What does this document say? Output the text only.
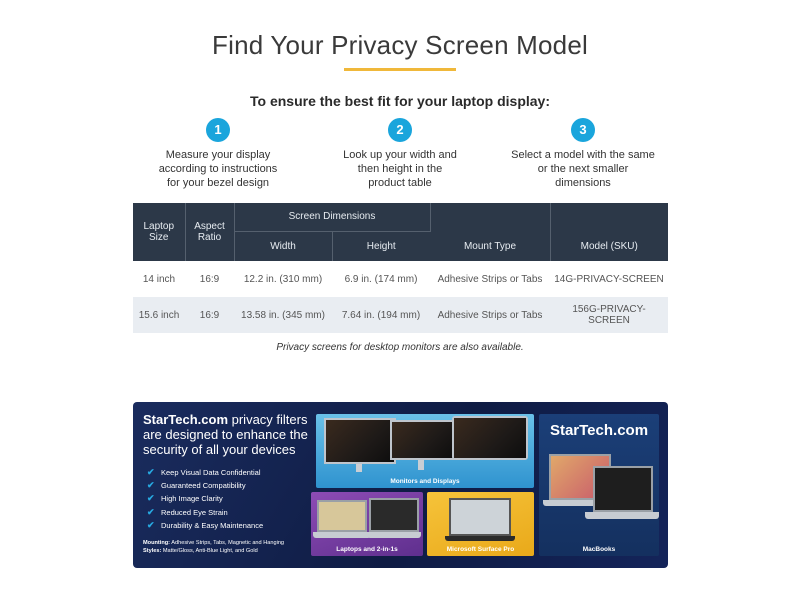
Find Your Privacy Screen Model
To ensure the best fit for your laptop display:
1
Measure your display according to instructions for your bezel design
2
Look up your width and then height in the product table
3
Select a model with the same or the next smaller dimensions
Laptop Size	Aspect Ratio	Screen Dimensions		Mount Type	Model (SKU)
		Width	Height		
14 inch	16:9	12.2 in. (310 mm)	6.9 in. (174 mm)	Adhesive Strips or Tabs	14G-PRIVACY-SCREEN
15.6 inch	16:9	13.58 in. (345 mm)	7.64 in. (194 mm)	Adhesive Strips or Tabs	156G-PRIVACY-SCREEN
Privacy screens for desktop monitors are also available.
StarTech.com privacy filters are designed to enhance the security of all your devices
✔ Keep Visual Data Confidential
✔ Guaranteed Compatibility
✔ High Image Clarity
✔ Reduced Eye Strain
✔ Durability & Easy Maintenance
Mounting: Adhesive Strips, Tabs, Magnetic and Hanging
Styles: Matte/Gloss, Anti-Blue Light, and Gold
Monitors and Displays
Laptops and 2-in-1s	Microsoft Surface Pro
StarTech.com
MacBooks
